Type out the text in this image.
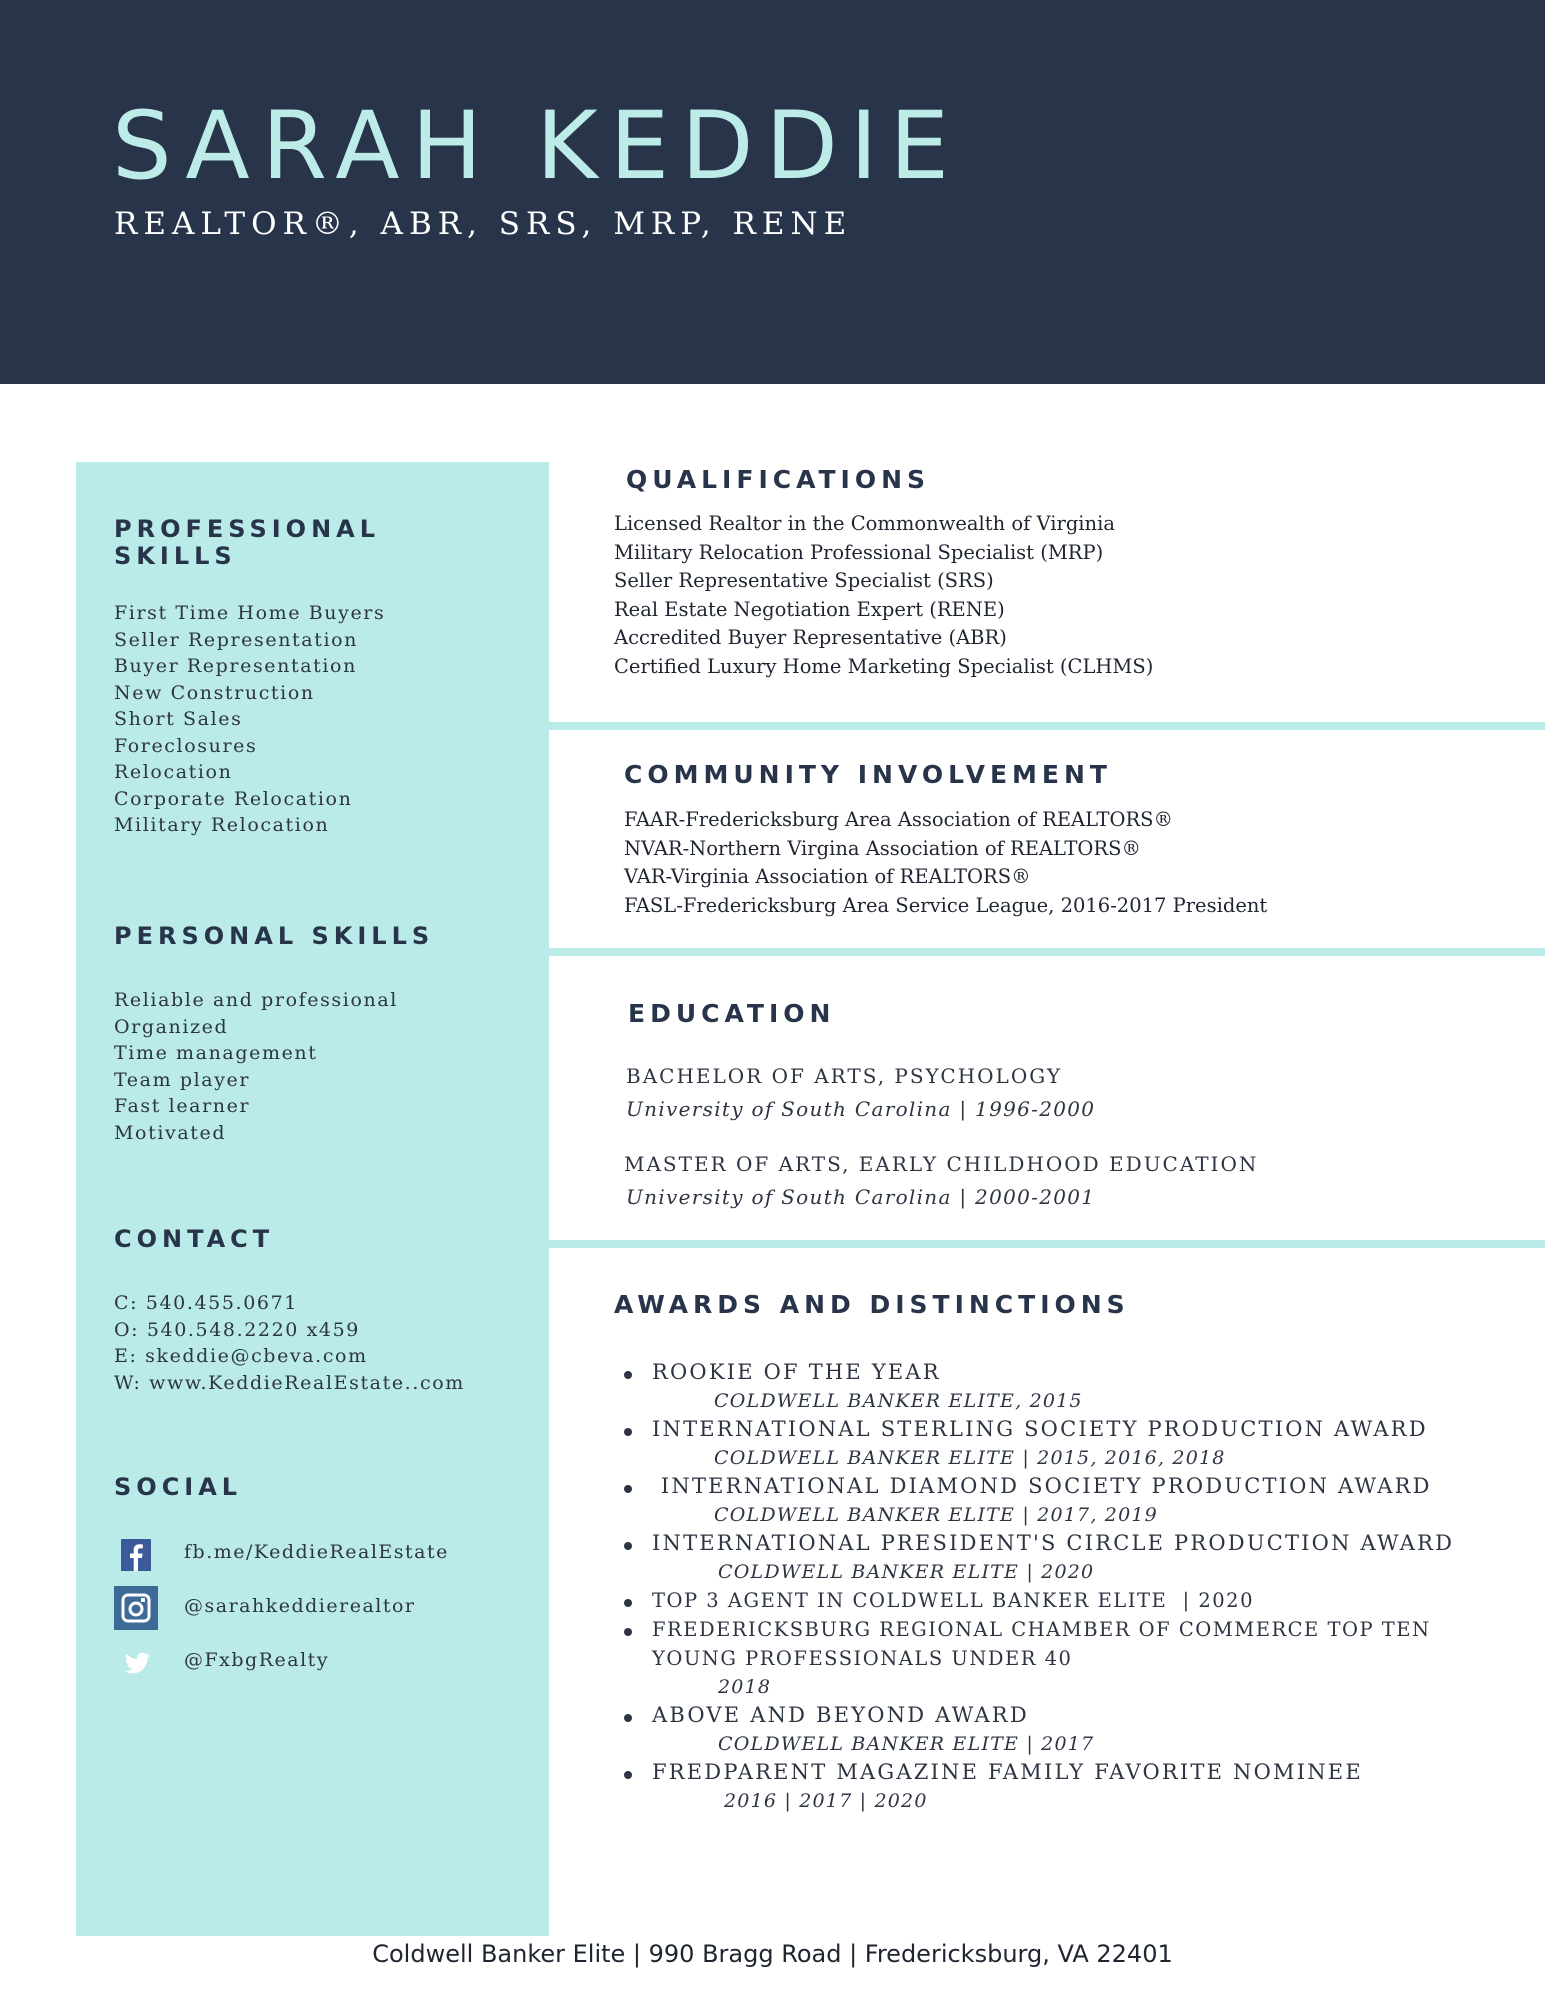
SARAH KEDDIE
REALTOR®, ABR, SRS, MRP, RENE
PROFESSIONAL
SKILLS
First Time Home Buyers
Seller Representation
Buyer Representation
New Construction
Short Sales
Foreclosures
Relocation
Corporate Relocation
Military Relocation
PERSONAL SKILLS
Reliable and professional
Organized
Time management
Team player
Fast learner
Motivated
CONTACT
C: 540.455.0671
O: 540.548.2220 x459
E: skeddie@cbeva.com
W: www.KeddieRealEstate..com
SOCIAL
fb.me/KeddieRealEstate
@sarahkeddierealtor
@FxbgRealty
QUALIFICATIONS
Licensed Realtor in the Commonwealth of Virginia
Military Relocation Professional Specialist (MRP)
Seller Representative Specialist (SRS)
Real Estate Negotiation Expert (RENE)
Accredited Buyer Representative (ABR)
Certified Luxury Home Marketing Specialist (CLHMS)
COMMUNITY INVOLVEMENT
FAAR-Fredericksburg Area Association of REALTORS®
NVAR-Northern Virgina Association of REALTORS®
VAR-Virginia Association of REALTORS®
FASL-Fredericksburg Area Service League, 2016-2017 President
EDUCATION
BACHELOR OF ARTS, PSYCHOLOGY
University of South Carolina | 1996-2000
MASTER OF ARTS, EARLY CHILDHOOD EDUCATION
University of South Carolina | 2000-2001
AWARDS AND DISTINCTIONS
ROOKIE OF THE YEAR
COLDWELL BANKER ELITE, 2015
INTERNATIONAL STERLING SOCIETY PRODUCTION AWARD
COLDWELL BANKER ELITE | 2015, 2016, 2018
INTERNATIONAL DIAMOND SOCIETY PRODUCTION AWARD
COLDWELL BANKER ELITE | 2017, 2019
INTERNATIONAL PRESIDENT'S CIRCLE PRODUCTION AWARD
COLDWELL BANKER ELITE | 2020
TOP 3 AGENT IN COLDWELL BANKER ELITE  | 2020
FREDERICKSBURG REGIONAL CHAMBER OF COMMERCE TOP TEN
YOUNG PROFESSIONALS UNDER 40
2018
ABOVE AND BEYOND AWARD
COLDWELL BANKER ELITE | 2017
FREDPARENT MAGAZINE FAMILY FAVORITE NOMINEE
2016 | 2017 | 2020
Coldwell Banker Elite | 990 Bragg Road | Fredericksburg, VA 22401
